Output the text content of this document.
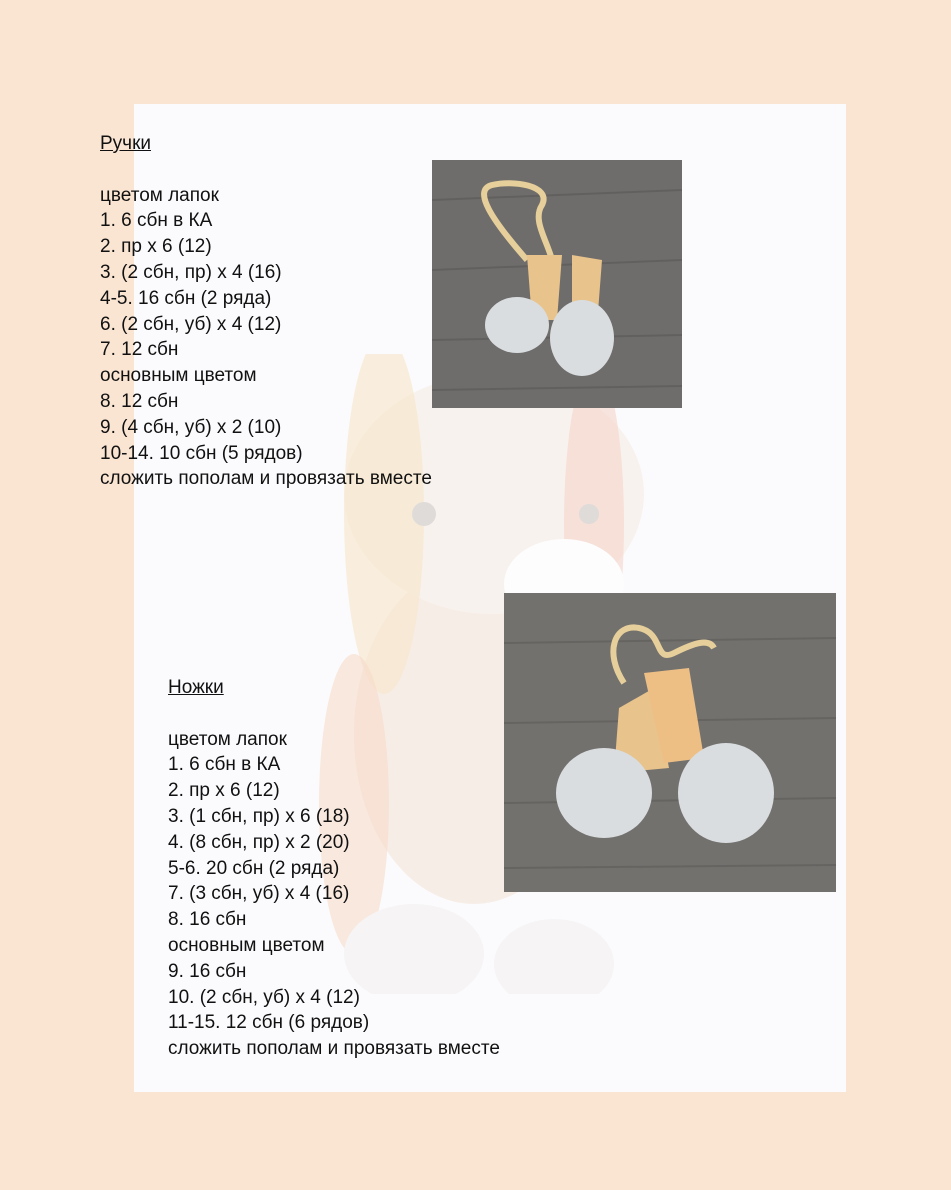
Ручки

цветом лапок

1. 6 сбн в КА

2. пр х 6 (12)

3. (2 сбн, пр) х 4 (16)

4-5. 16 сбн (2 ряда)

6. (2 сбн, уб) х 4 (12)

7. 12 сбн

основным цветом

8. 12 сбн

9. (4 сбн, уб) х 2 (10)

10-14. 10 сбн (5 рядов)

сложить пополам и провязать вместе

Ножки

цветом лапок

1. 6 сбн в КА

2. пр х 6 (12)

3. (1 сбн, пр) х 6 (18)

4. (8 сбн, пр) х 2 (20)

5-6. 20 сбн (2 ряда)

7. (3 сбн, уб) х 4 (16)

8. 16 сбн

основным цветом

9. 16 сбн

10. (2 сбн, уб) х 4 (12)

11-15. 12 сбн (6 рядов)

сложить пополам и провязать вместе
